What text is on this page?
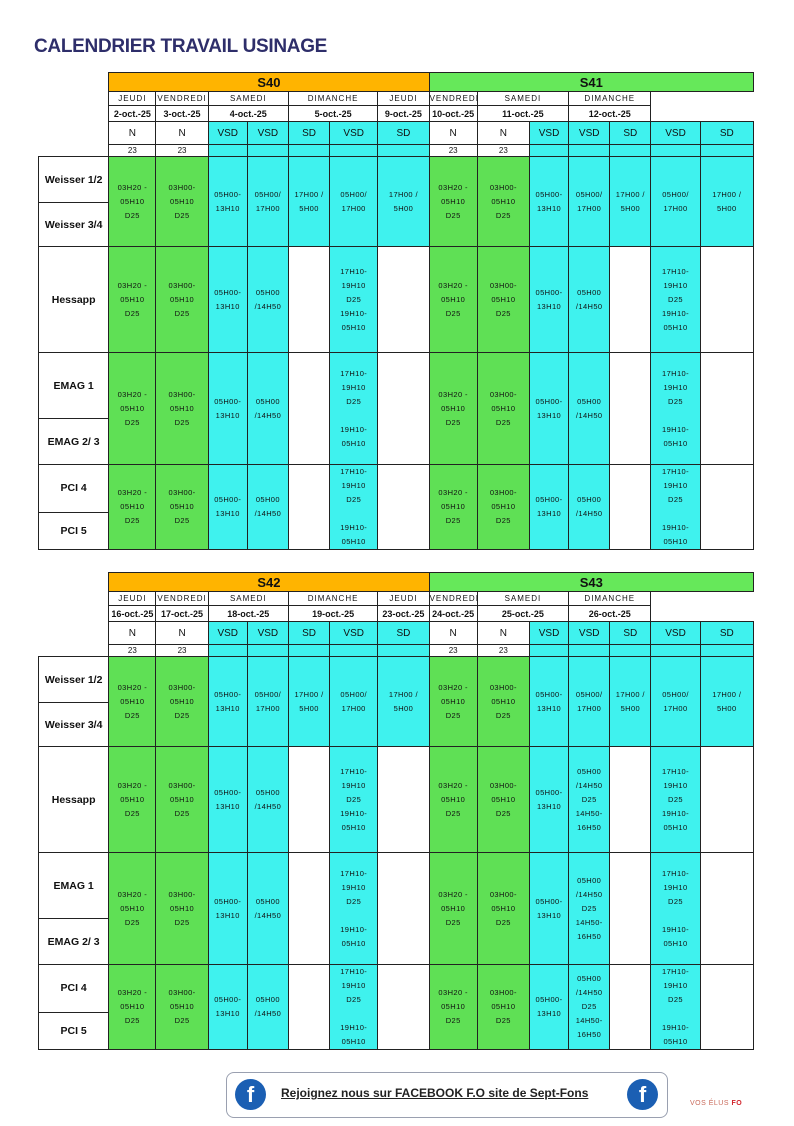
CALENDRIER TRAVAIL USINAGE
	S40							S41						
	JEUDI	VENDREDI	SAMEDI		DIMANCHE		JEUDI	VENDREDI	SAMEDI		DIMANCHE			
	2-oct.-25	3-oct.-25	4-oct.-25		5-oct.-25		9-oct.-25	10-oct.-25	11-oct.-25		12-oct.-25			
	N	N	VSD	VSD	SD	VSD	SD	N	N	VSD	VSD	SD	VSD	SD
	23	23						23	23					
Weisser 1/2	03H20 -
05H10
D25	03H00-
05H10
D25	05H00-
13H10	05H00/
17H00	17H00 /
5H00	05H00/
17H00	17H00 /
5H00	03H20 -
05H10
D25	03H00-
05H10
D25	05H00-
13H10	05H00/
17H00	17H00 /
5H00	05H00/
17H00	17H00 /
5H00
Weisser 3/4														
Hessapp	03H20 -
05H10
D25	03H00-
05H10
D25	05H00-
13H10	05H00
/14H50		17H10-
19H10
D25
19H10-
05H10		03H20 -
05H10
D25	03H00-
05H10
D25	05H00-
13H10	05H00
/14H50		17H10-
19H10
D25
19H10-
05H10	
EMAG 1	03H20 -
05H10
D25	03H00-
05H10
D25	05H00-
13H10	05H00
/14H50		17H10-
19H10
D25

19H10-
05H10		03H20 -
05H10
D25	03H00-
05H10
D25	05H00-
13H10	05H00
/14H50		17H10-
19H10
D25

19H10-
05H10	
EMAG 2/ 3														
PCI 4	03H20 -
05H10
D25	03H00-
05H10
D25	05H00-
13H10	05H00
/14H50		17H10-
19H10
D25

19H10-
05H10		03H20 -
05H10
D25	03H00-
05H10
D25	05H00-
13H10	05H00
/14H50		17H10-
19H10
D25

19H10-
05H10	
PCI 5														
	S42							S43						
	JEUDI	VENDREDI	SAMEDI		DIMANCHE		JEUDI	VENDREDI	SAMEDI		DIMANCHE			
	16-oct.-25	17-oct.-25	18-oct.-25		19-oct.-25		23-oct.-25	24-oct.-25	25-oct.-25		26-oct.-25			
	N	N	VSD	VSD	SD	VSD	SD	N	N	VSD	VSD	SD	VSD	SD
	23	23						23	23					
Weisser 1/2	03H20 -
05H10
D25	03H00-
05H10
D25	05H00-
13H10	05H00/
17H00	17H00 /
5H00	05H00/
17H00	17H00 /
5H00	03H20 -
05H10
D25	03H00-
05H10
D25	05H00-
13H10	05H00/
17H00	17H00 /
5H00	05H00/
17H00	17H00 /
5H00
Weisser 3/4														
Hessapp	03H20 -
05H10
D25	03H00-
05H10
D25	05H00-
13H10	05H00
/14H50		17H10-
19H10
D25
19H10-
05H10		03H20 -
05H10
D25	03H00-
05H10
D25	05H00-
13H10	05H00
/14H50
D25
14H50-
16H50		17H10-
19H10
D25
19H10-
05H10	
EMAG 1	03H20 -
05H10
D25	03H00-
05H10
D25	05H00-
13H10	05H00
/14H50		17H10-
19H10
D25

19H10-
05H10		03H20 -
05H10
D25	03H00-
05H10
D25	05H00-
13H10	05H00
/14H50
D25
14H50-
16H50		17H10-
19H10
D25

19H10-
05H10	
EMAG 2/ 3														
PCI 4	03H20 -
05H10
D25	03H00-
05H10
D25	05H00-
13H10	05H00
/14H50		17H10-
19H10
D25

19H10-
05H10		03H20 -
05H10
D25	03H00-
05H10
D25	05H00-
13H10	05H00
/14H50
D25
14H50-
16H50		17H10-
19H10
D25

19H10-
05H10	
PCI 5														
f	Rejoignez nous sur FACEBOOK F.O site de Sept-Fons	f	VOS ÉLUS FO
